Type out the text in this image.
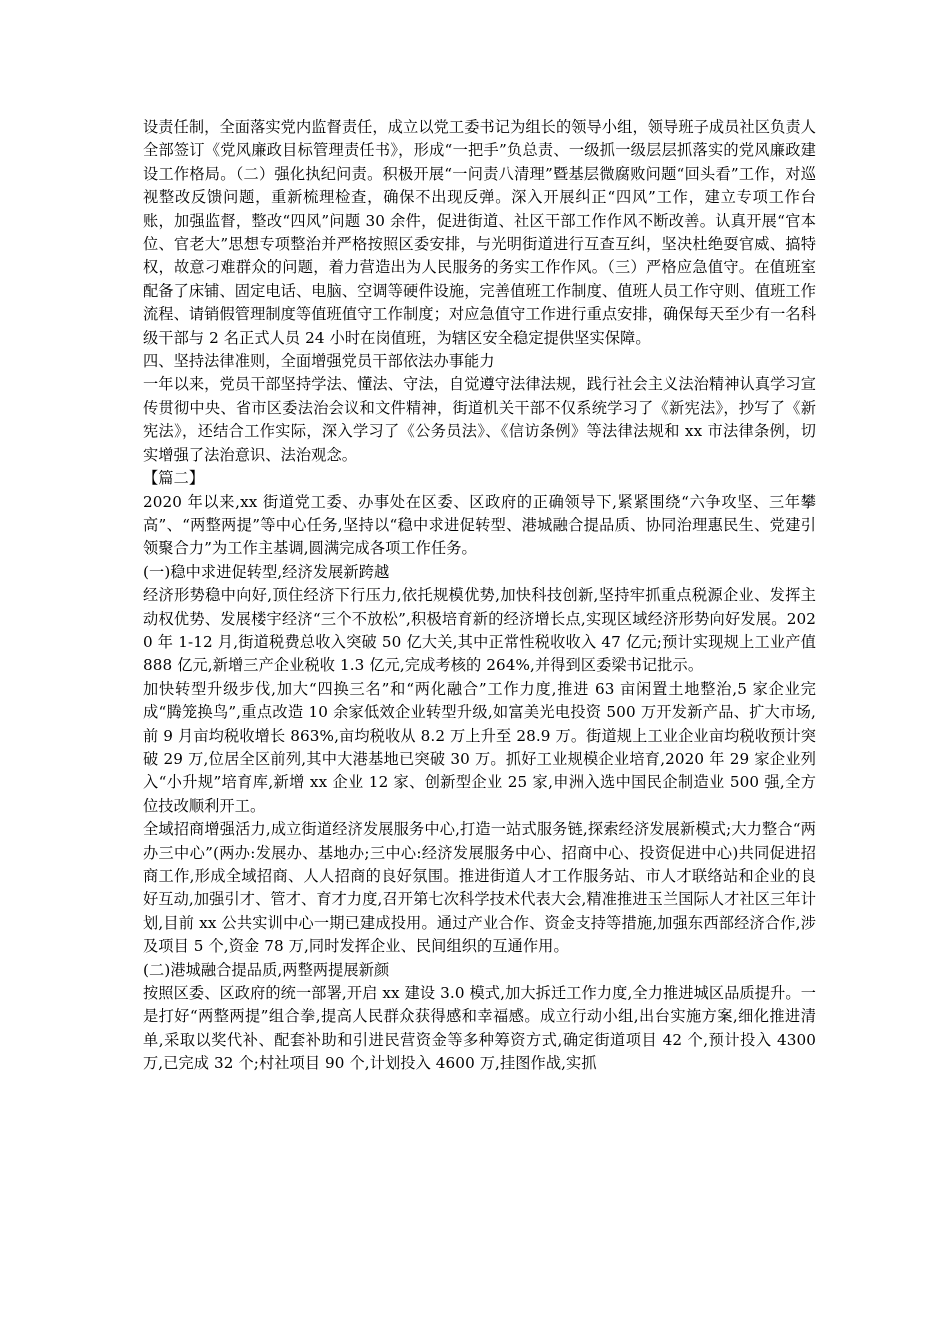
设责任制，全面落实党内监督责任，成立以党工委书记为组长的领导小组，领导班子成员社区负责人全部签订《党风廉政目标管理责任书》，形成“一把手”负总责、一级抓一级层层抓落实的党风廉政建设工作格局。（二）强化执纪问责。积极开展“一问责八清理”暨基层微腐败问题“回头看”工作，对巡视整改反馈问题，重新梳理检查，确保不出现反弹。深入开展纠正“四风”工作，建立专项工作台账，加强监督，整改“四风”问题 30 余件，促进街道、社区干部工作作风不断改善。认真开展“官本位、官老大”思想专项整治并严格按照区委安排，与光明街道进行互查互纠，坚决杜绝耍官威、搞特权，故意刁难群众的问题，着力营造出为人民服务的务实工作作风。（三）严格应急值守。在值班室配备了床铺、固定电话、电脑、空调等硬件设施，完善值班工作制度、值班人员工作守则、值班工作流程、请销假管理制度等值班值守工作制度；对应急值守工作进行重点安排，确保每天至少有一名科级干部与 2 名正式人员 24 小时在岗值班，为辖区安全稳定提供坚实保障。

四、坚持法律准则，全面增强党员干部依法办事能力

一年以来，党员干部坚持学法、懂法、守法，自觉遵守法律法规，践行社会主义法治精神认真学习宣传贯彻中央、省市区委法治会议和文件精神，街道机关干部不仅系统学习了《新宪法》，抄写了《新宪法》，还结合工作实际，深入学习了《公务员法》、《信访条例》等法律法规和 xx 市法律条例，切实增强了法治意识、法治观念。

【篇二】

2020 年以来,xx 街道党工委、办事处在区委、区政府的正确领导下,紧紧围绕“六争攻坚、三年攀高”、“两整两提”等中心任务,坚持以“稳中求进促转型、港城融合提品质、协同治理惠民生、党建引领聚合力”为工作主基调,圆满完成各项工作任务。

(一)稳中求进促转型,经济发展新跨越

经济形势稳中向好,顶住经济下行压力,依托规模优势,加快科技创新,坚持牢抓重点税源企业、发挥主动权优势、发展楼宇经济“三个不放松”,积极培育新的经济增长点,实现区域经济形势向好发展。2020 年 1-12 月,街道税费总收入突破 50 亿大关,其中正常性税收收入 47 亿元;预计实现规上工业产值 888 亿元,新增三产企业税收 1.3 亿元,完成考核的 264%,并得到区委梁书记批示。

加快转型升级步伐,加大“四换三名”和“两化融合”工作力度,推进 63 亩闲置土地整治,5 家企业完成“腾笼换鸟”,重点改造 10 余家低效企业转型升级,如富美光电投资 500 万开发新产品、扩大市场,前 9 月亩均税收增长 863%,亩均税收从 8.2 万上升至 28.9 万。街道规上工业企业亩均税收预计突破 29 万,位居全区前列,其中大港基地已突破 30 万。抓好工业规模企业培育,2020 年 29 家企业列入“小升规”培育库,新增 xx 企业 12 家、创新型企业 25 家,申洲入选中国民企制造业 500 强,全方位技改顺利开工。

全域招商增强活力,成立街道经济发展服务中心,打造一站式服务链,探索经济发展新模式;大力整合“两办三中心”(两办:发展办、基地办;三中心:经济发展服务中心、招商中心、投资促进中心)共同促进招商工作,形成全域招商、人人招商的良好氛围。推进街道人才工作服务站、市人才联络站和企业的良好互动,加强引才、管才、育才力度,召开第七次科学技术代表大会,精准推进玉兰国际人才社区三年计划,目前 xx 公共实训中心一期已建成投用。通过产业合作、资金支持等措施,加强东西部经济合作,涉及项目 5 个,资金 78 万,同时发挥企业、民间组织的互通作用。

(二)港城融合提品质,两整两提展新颜

按照区委、区政府的统一部署,开启 xx 建设 3.0 模式,加大拆迁工作力度,全力推进城区品质提升。一是打好“两整两提”组合拳,提高人民群众获得感和幸福感。成立行动小组,出台实施方案,细化推进清单,采取以奖代补、配套补助和引进民营资金等多种筹资方式,确定街道项目 42 个,预计投入 4300 万,已完成 32 个;村社项目 90 个,计划投入 4600 万,挂图作战,实抓
